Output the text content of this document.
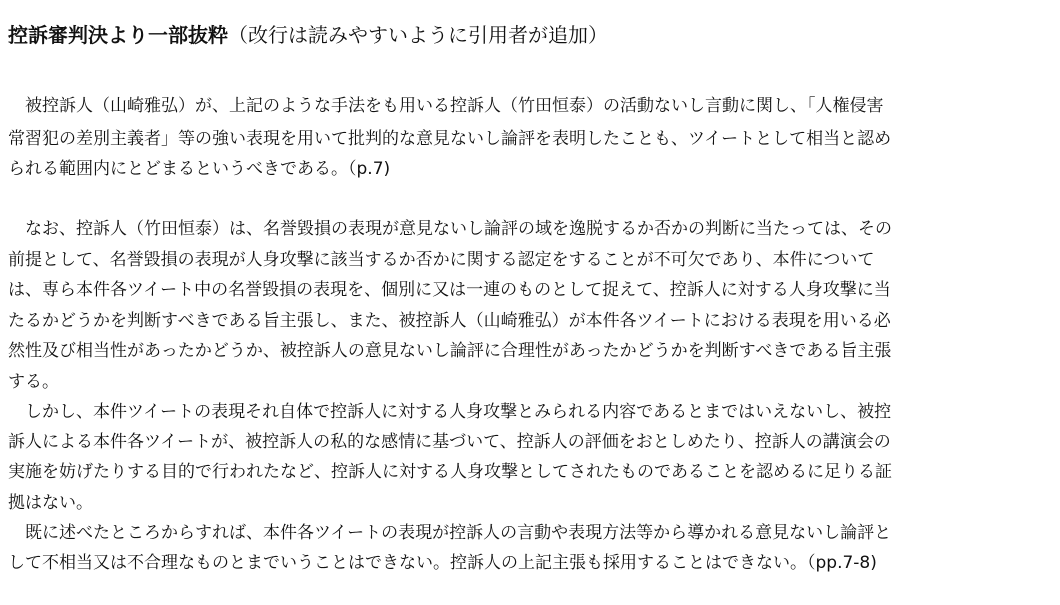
控訴審判決より一部抜粋（改行は読みやすいように引用者が追加）
　被控訴人（山崎雅弘）が、上記のような手法をも用いる控訴人（竹田恒泰）の活動ないし言動に関し、「人権侵害
常習犯の差別主義者」等の強い表現を用いて批判的な意見ないし論評を表明したことも、ツイートとして相当と認め
られる範囲内にとどまるというべきである。（p.7)
　なお、控訴人（竹田恒泰）は、名誉毀損の表現が意見ないし論評の域を逸脱するか否かの判断に当たっては、その
前提として、名誉毀損の表現が人身攻撃に該当するか否かに関する認定をすることが不可欠であり、本件について
は、専ら本件各ツイート中の名誉毀損の表現を、個別に又は一連のものとして捉えて、控訴人に対する人身攻撃に当
たるかどうかを判断すべきである旨主張し、また、被控訴人（山崎雅弘）が本件各ツイートにおける表現を用いる必
然性及び相当性があったかどうか、被控訴人の意見ないし論評に合理性があったかどうかを判断すべきである旨主張
する。
　しかし、本件ツイートの表現それ自体で控訴人に対する人身攻撃とみられる内容であるとまではいえないし、被控
訴人による本件各ツイートが、被控訴人の私的な感情に基づいて、控訴人の評価をおとしめたり、控訴人の講演会の
実施を妨げたりする目的で行われたなど、控訴人に対する人身攻撃としてされたものであることを認めるに足りる証
拠はない。
　既に述べたところからすれば、本件各ツイートの表現が控訴人の言動や表現方法等から導かれる意見ないし論評と
して不相当又は不合理なものとまでいうことはできない。控訴人の上記主張も採用することはできない。（pp.7-8)
